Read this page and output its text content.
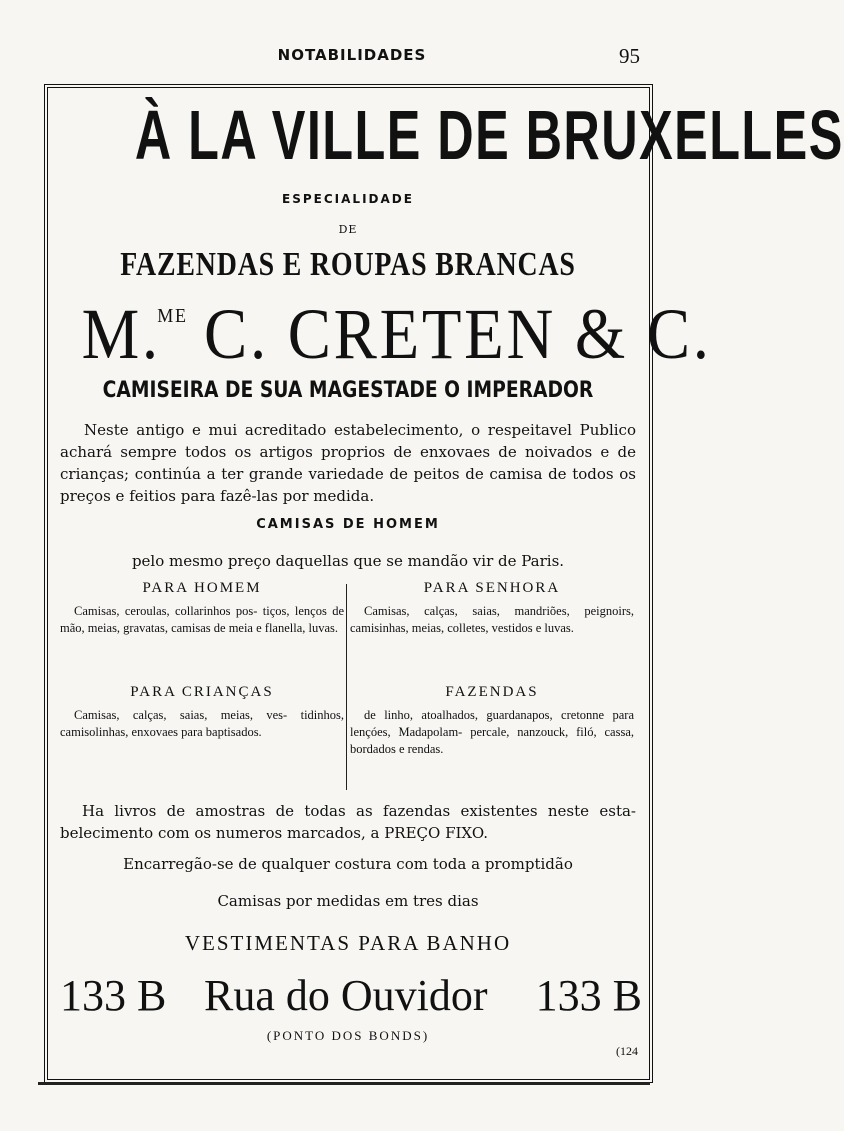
NOTABILIDADES	95
À LA VILLE DE BRUXELLES
ESPECIALIDADE
DE
FAZENDAS E ROUPAS BRANCAS
M.$^{ME}$ C. CRETEN & C.
CAMISEIRA DE SUA MAGESTADE O IMPERADOR
Neste antigo e mui acreditado estabelecimento, o respeitavel Publico achará sempre todos os artigos proprios de enxovaes de noivados e de crianças; continúa a ter grande variedade de peitos de camisa de todos os preços e feitios para fazê-las por medida.
CAMISAS DE HOMEM
pelo mesmo preço daquellas que se mandão vir de Paris.
PARA HOMEM

Camisas, ceroulas, collarinhos pos- tiços, lenços de mão, meias, gravatas, camisas de meia e flanella, luvas.

PARA SENHORA

Camisas, calças, saias, mandriões, peignoirs, camisinhas, meias, colletes, vestidos e luvas.

PARA CRIANÇAS

Camisas, calças, saias, meias, ves- tidinhos, camisolinhas, enxovaes para baptisados.

FAZENDAS

de linho, atoalhados, guardanapos, cretonne para lençóes, Madapolam- percale, nanzouck, filó, cassa, bordados e rendas.

Ha livros de amostras de todas as fazendas existentes neste esta- belecimento com os numeros marcados, a PREÇO FIXO.
Encarregão-se de qualquer costura com toda a promptidão
Camisas por medidas em tres dias
VESTIMENTAS PARA BANHO
133 B Rua do Ouvidor 133 B
(PONTO DOS BONDS)
(124
